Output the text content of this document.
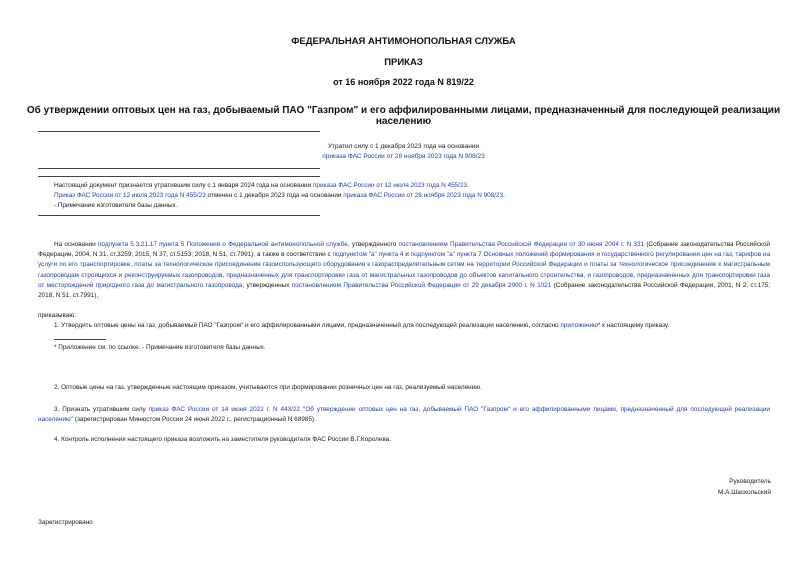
ФЕДЕРАЛЬНАЯ АНТИМОНОПОЛЬНАЯ СЛУЖБА
ПРИКАЗ
от 16 ноября 2022 года N 819/22
Об утверждении оптовых цен на газ, добываемый ПАО "Газпром" и его аффилированными лицами, предназначенный для последующей реализации населению
Утратил силу с 1 декабря 2023 года на основании
приказа ФАС России от 28 ноября 2023 года N 908/23
Настоящий документ признается утратившим силу с 1 января 2024 года на основании приказа ФАС России от 12 июля 2023 года N 455/23.
Приказ ФАС России от 12 июля 2023 года N 455/23 отменен с 1 декабря 2023 года на основании приказа ФАС России от 28 ноября 2023 года N 908/23.
- Примечание изготовителя базы данных.
На основании подпункта 5.3.21.17 пункта 5 Положения о Федеральной антимонопольной службе, утвержденного постановлением Правительства Российской Федерации от 30 июня 2004 г. N 331 (Собрание законодательства Российской Федерации, 2004, N 31, ст.3259; 2015, N 37, ст.5153; 2018, N 51, ст.7991), а также в соответствии с подпунктом "а" пункта 4 и подпунктом "а" пункта 7 Основных положений формирования и государственного регулирования цен на газ, тарифов на услуги по его транспортировке, платы за технологическое присоединение газоиспользующего оборудования к газораспределительным сетям на территории Российской Федерации и платы за технологическое присоединение к магистральным газопроводам строящихся и реконструируемых газопроводов, предназначенных для транспортировки газа от магистральных газопроводов до объектов капитального строительства, и газопроводов, предназначенных для транспортировки газа от месторождений природного газа до магистрального газопровода, утвержденных постановлением Правительства Российской Федерации от 29 декабря 2000 г. N 1021 (Собрание законодательства Российской Федерации, 2001, N 2, ст.175; 2018, N 51, ст.7991),
приказываю:
1. Утвердить оптовые цены на газ, добываемый ПАО "Газпром" и его аффилированными лицами, предназначенный для последующей реализации населению, согласно приложению* к настоящему приказу.
* Приложение см. по ссылке. - Примечание изготовителя базы данных.
2. Оптовые цены на газ, утвержденные настоящим приказом, учитываются при формировании розничных цен на газ, реализуемый населению.
3. Признать утратившим силу приказ ФАС России от 14 июня 2022 г. N 443/22 "Об утверждении оптовых цен на газ, добываемый ПАО "Газпром" и его аффилированными лицами, предназначенный для последующей реализации населению" (зарегистрирован Минюстом России 24 июня 2022 г., регистрационный N 68985).
4. Контроль исполнения настоящего приказа возложить на заместителя руководителя ФАС России В.Г.Королева.
Руководитель
М.А.Шаскольский
Зарегистрировано
